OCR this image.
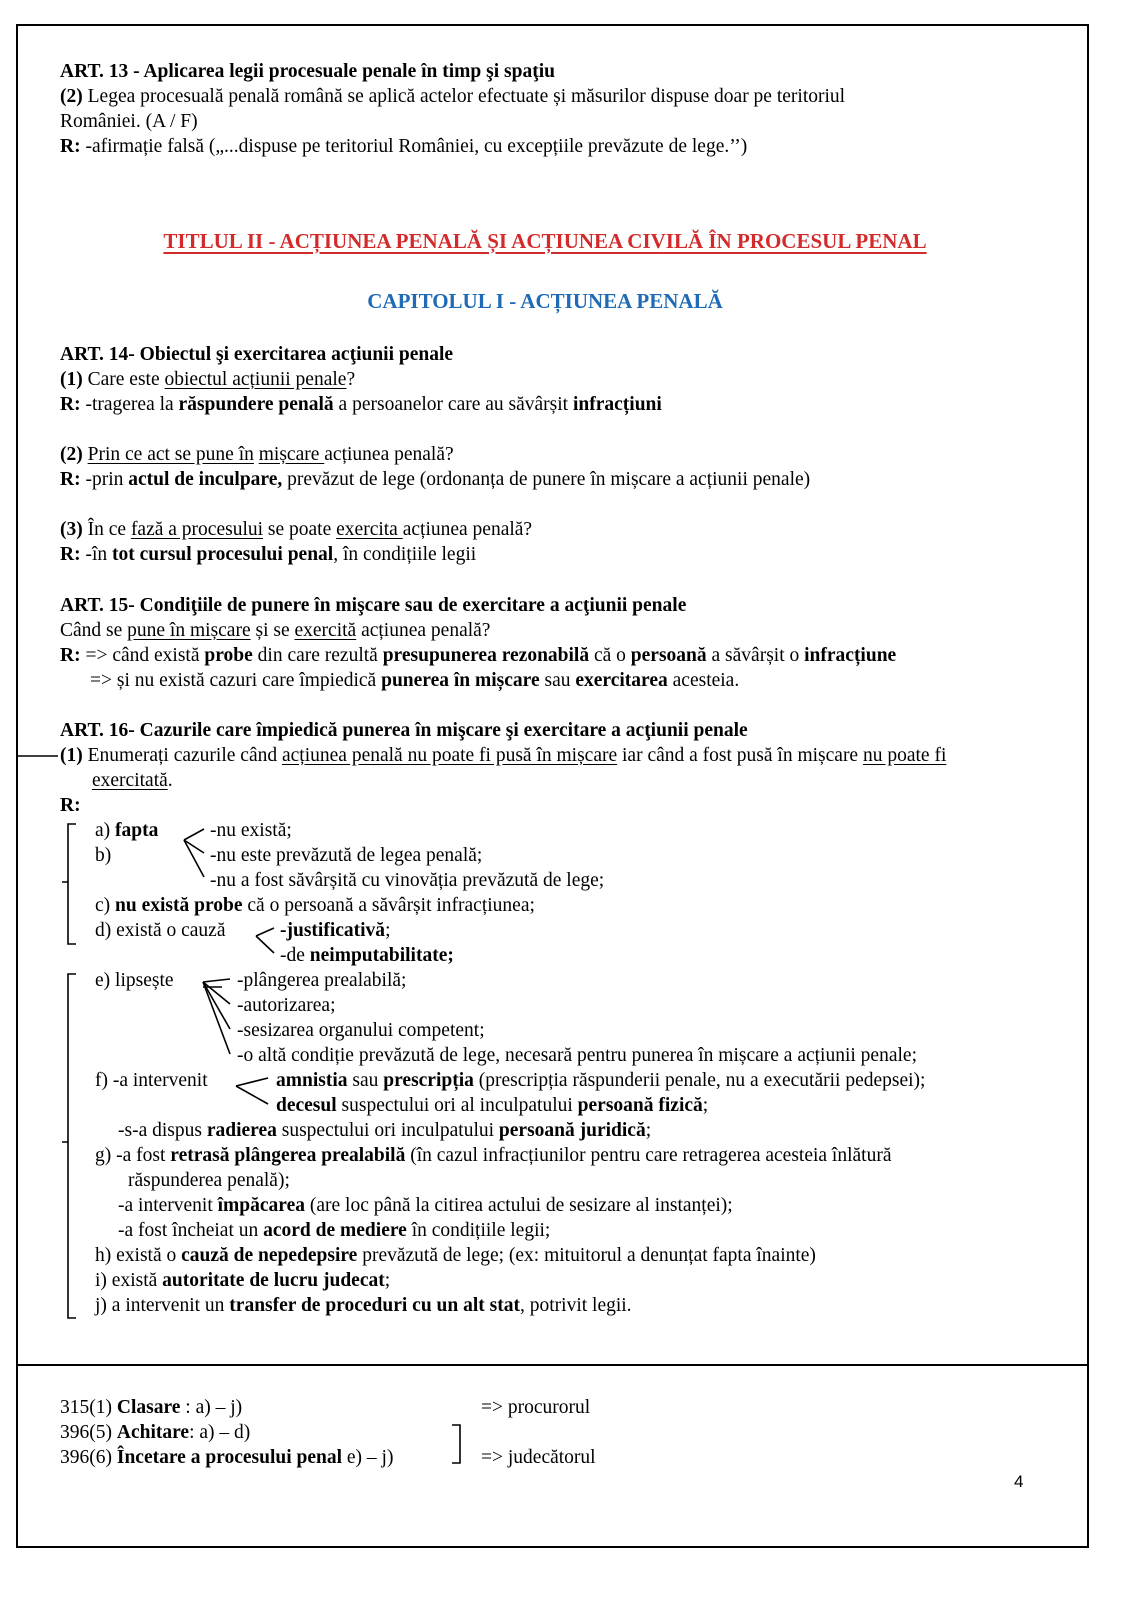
TITLUL II - ACȚIUNEA PENALĂ ȘI ACȚIUNEA CIVILĂ ÎN PROCESUL PENAL
CAPITOLUL I - ACȚIUNEA PENALĂ
ART. 13 - Aplicarea legii procesuale penale în timp şi spaţiu
(2) Legea procesuală penală română se aplică actelor efectuate și măsurilor dispuse doar pe teritoriul
României. (A / F)
R: -afirmație falsă („...dispuse pe teritoriul României, cu excepțiile prevăzute de lege.’’)
ART. 14- Obiectul şi exercitarea acţiunii penale
(1) Care este obiectul acțiunii penale?
R: -tragerea la răspundere penală a persoanelor care au săvârșit infracțiuni
(2) Prin ce act se pune în mișcare acțiunea penală?
R: -prin actul de inculpare, prevăzut de lege (ordonanța de punere în mișcare a acțiunii penale)
(3) În ce fază a procesului se poate exercita acțiunea penală?
R: -în tot cursul procesului penal, în condițiile legii
ART. 15- Condiţiile de punere în mişcare sau de exercitare a acţiunii penale
Când se pune în mișcare și se exercită acțiunea penală?
R: => când există probe din care rezultă presupunerea rezonabilă că o persoană a săvârșit o infracțiune
=> și nu există cazuri care împiedică punerea în mișcare sau exercitarea acesteia.
ART. 16- Cazurile care împiedică punerea în mişcare şi exercitare a acţiunii penale
(1) Enumerați cazurile când acțiunea penală nu poate fi pusă în mișcare iar când a fost pusă în mișcare nu poate fi
exercitată.
R:
a) fapta	-nu există;
b)	-nu este prevăzută de legea penală;
-nu a fost săvârșită cu vinovăția prevăzută de lege;
c) nu există probe că o persoană a săvârșit infracțiunea;
d) există o cauză	-justificativă;
-de neimputabilitate;
e) lipsește	-plângerea prealabilă;
-autorizarea;
-sesizarea organului competent;
-o altă condiție prevăzută de lege, necesară pentru punerea în mișcare a acțiunii penale;
f) -a intervenit	amnistia sau prescripția (prescripția răspunderii penale, nu a executării pedepsei);
decesul suspectului ori al inculpatului persoană fizică;
-s-a dispus radierea suspectului ori inculpatului persoană juridică;
g) -a fost retrasă plângerea prealabilă (în cazul infracțiunilor pentru care retragerea acesteia înlătură
răspunderea penală);
-a intervenit împăcarea (are loc până la citirea actului de sesizare al instanței);
-a fost încheiat un acord de mediere în condițiile legii;
h) există o cauză de nepedepsire prevăzută de lege; (ex: mituitorul a denunțat fapta înainte)
i) există autoritate de lucru judecat;
j) a intervenit un transfer de proceduri cu un alt stat, potrivit legii.
315(1) Clasare : a) – j)	=> procurorul
396(5) Achitare: a) – d)
396(6) Încetare a procesului penal e) – j)	=> judecătorul
4
